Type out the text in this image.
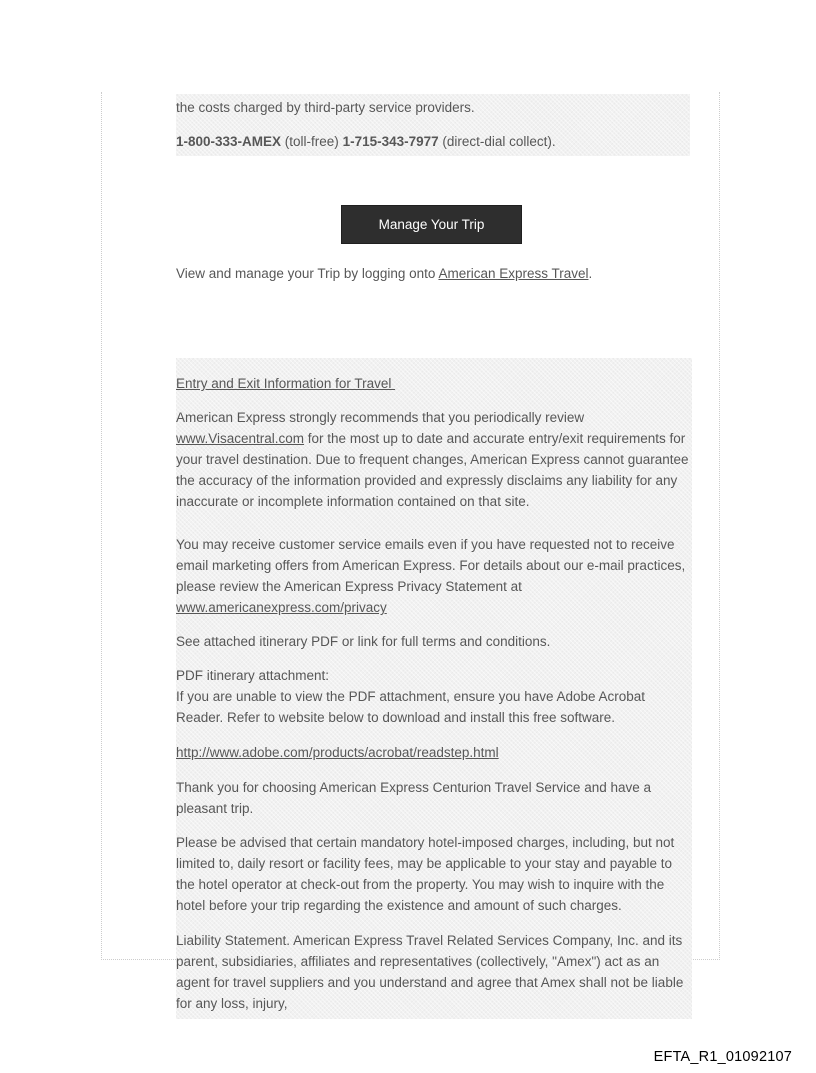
the costs charged by third-party service providers.

1-800-333-AMEX (toll-free) 1-715-343-7977 (direct-dial collect).

Manage Your Trip

View and manage your Trip by logging onto American Express Travel.

Entry and Exit Information for Travel

American Express strongly recommends that you periodically review www.Visacentral.com for the most up to date and accurate entry/exit requirements for your travel destination. Due to frequent changes, American Express cannot guarantee the accuracy of the information provided and expressly disclaims any liability for any inaccurate or incomplete information contained on that site.

You may receive customer service emails even if you have requested not to receive email marketing offers from American Express. For details about our e-mail practices, please review the American Express Privacy Statement at www.americanexpress.com/privacy

See attached itinerary PDF or link for full terms and conditions.

PDF itinerary attachment:
If you are unable to view the PDF attachment, ensure you have Adobe Acrobat Reader. Refer to website below to download and install this free software.

http://www.adobe.com/products/acrobat/readstep.html

Thank you for choosing American Express Centurion Travel Service and have a pleasant trip.

Please be advised that certain mandatory hotel-imposed charges, including, but not limited to, daily resort or facility fees, may be applicable to your stay and payable to the hotel operator at check-out from the property. You may wish to inquire with the hotel before your trip regarding the existence and amount of such charges.

Liability Statement. American Express Travel Related Services Company, Inc. and its parent, subsidiaries, affiliates and representatives (collectively, "Amex") act as an agent for travel suppliers and you understand and agree that Amex shall not be liable for any loss, injury,

EFTA_R1_01092107
